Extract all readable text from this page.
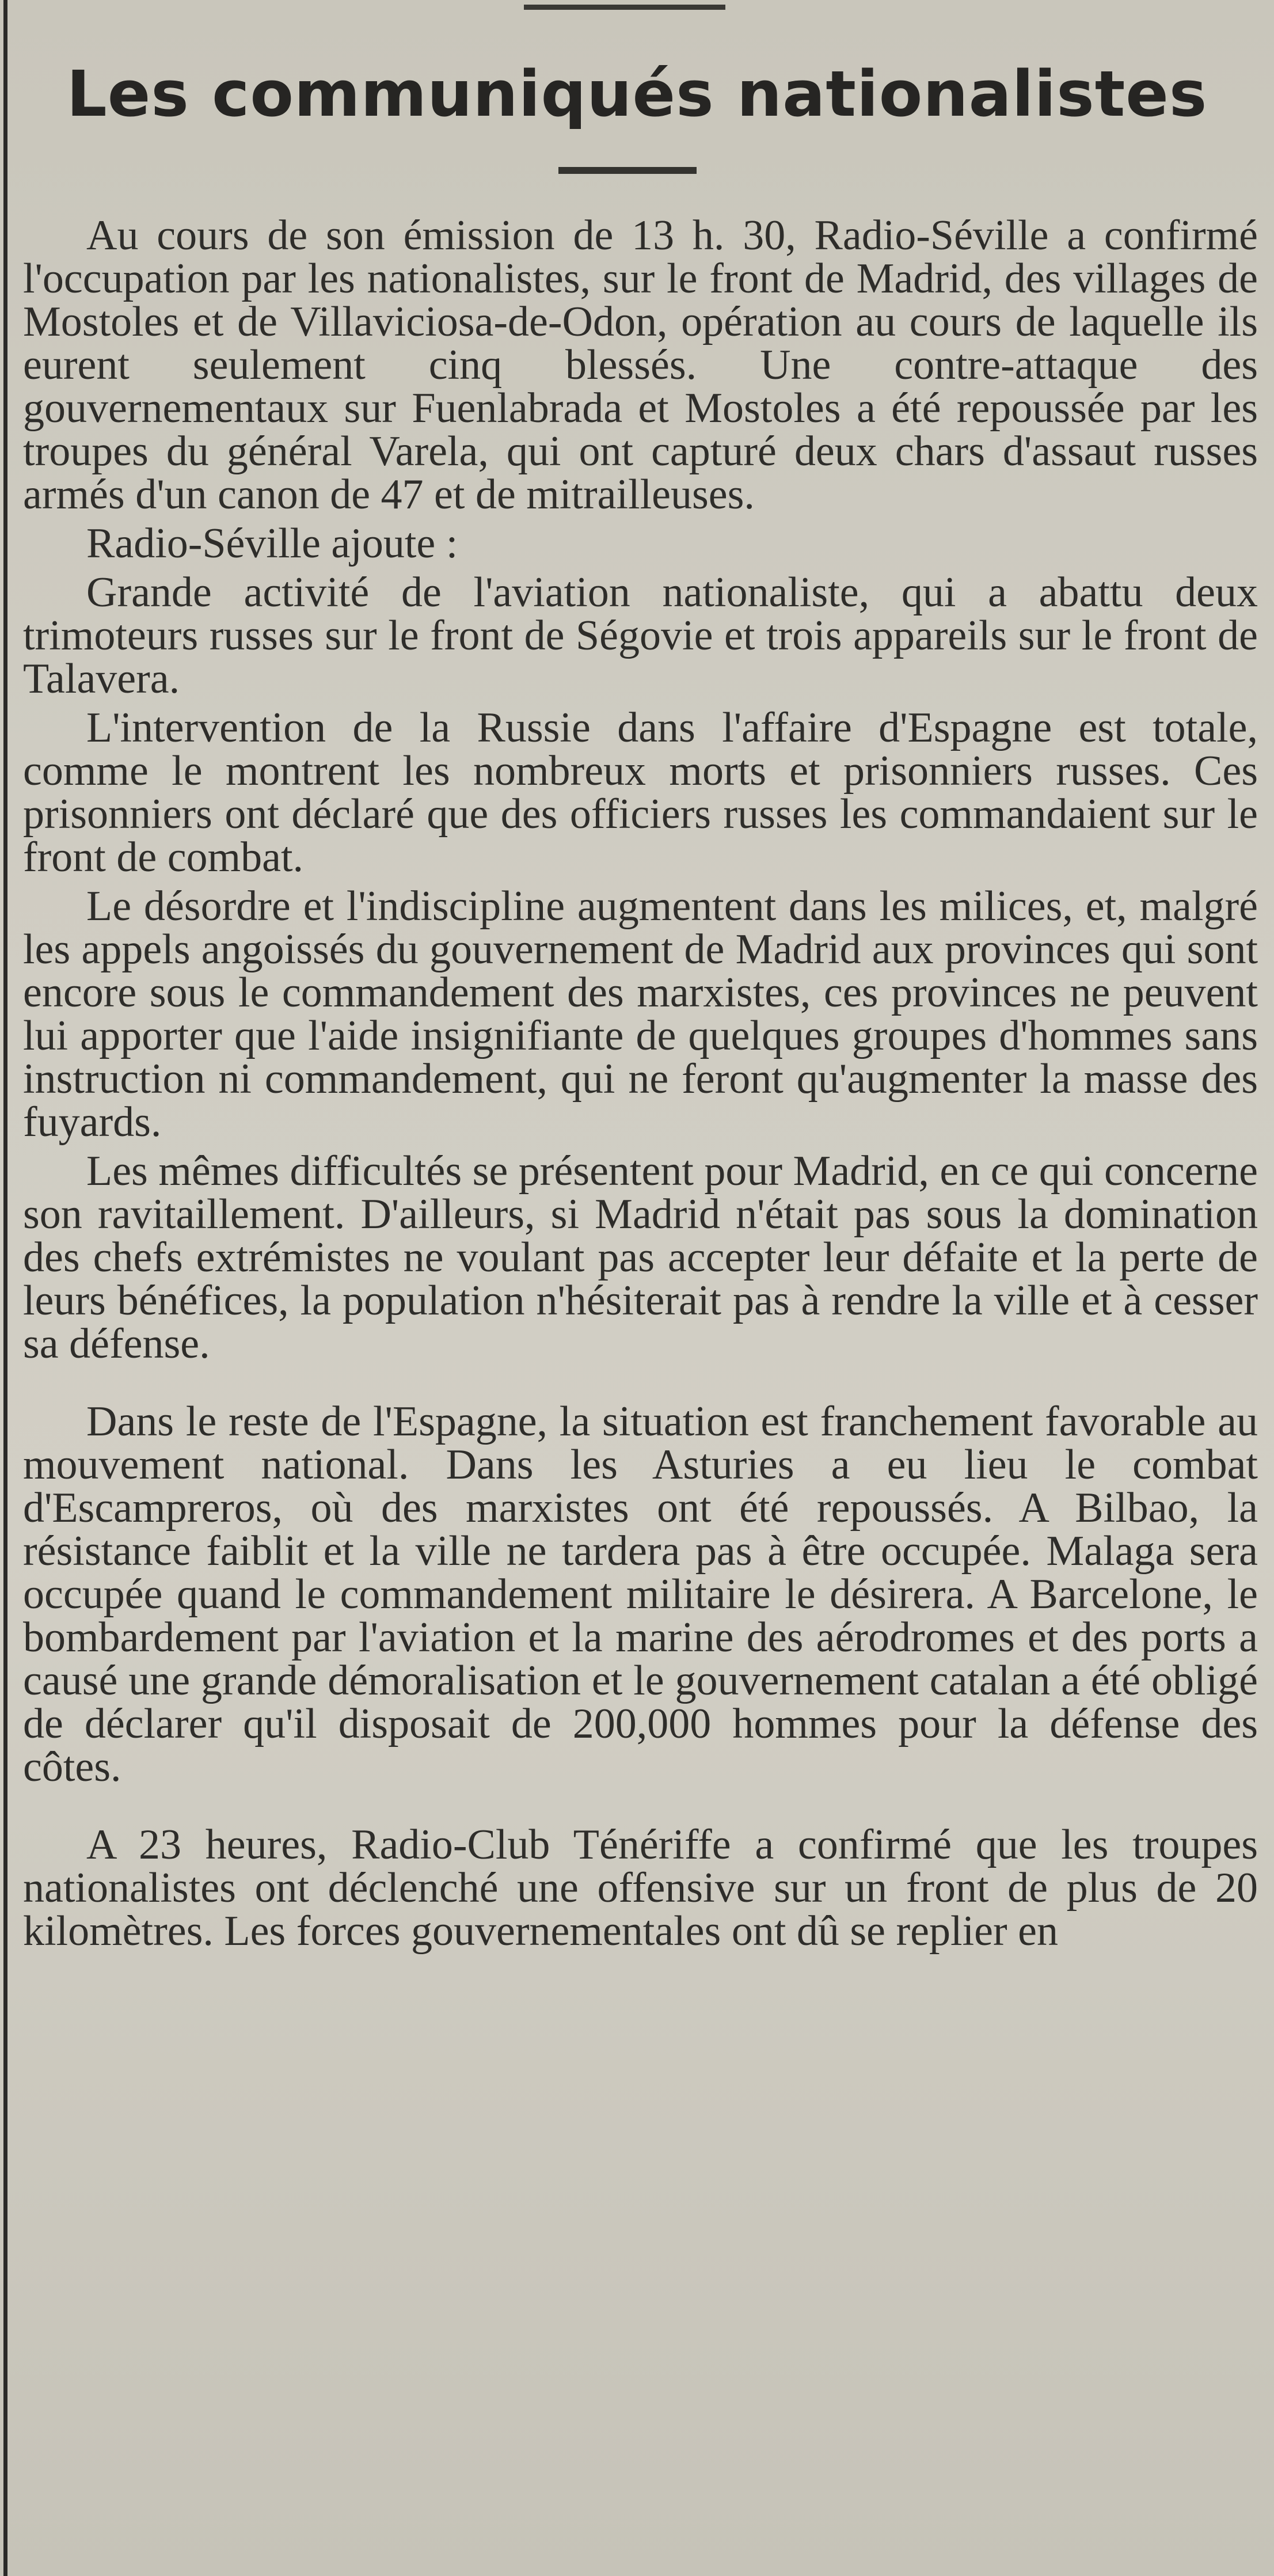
Les communiqués nationalistes

Au cours de son émission de 13 h. 30, Radio-Séville a confirmé l'occupation par les nationalistes, sur le front de Madrid, des villages de Mostoles et de Villaviciosa-de-Odon, opération au cours de laquelle ils eurent seulement cinq blessés. Une contre-attaque des gouvernementaux sur Fuenlabrada et Mostoles a été repoussée par les troupes du général Varela, qui ont capturé deux chars d'assaut russes armés d'un canon de 47 et de mitrailleuses.

Radio-Séville ajoute :

Grande activité de l'aviation nationaliste, qui a abattu deux trimoteurs russes sur le front de Ségovie et trois appareils sur le front de Talavera.

L'intervention de la Russie dans l'affaire d'Espagne est totale, comme le montrent les nombreux morts et prisonniers russes. Ces prisonniers ont déclaré que des officiers russes les commandaient sur le front de combat.

Le désordre et l'indiscipline augmentent dans les milices, et, malgré les appels angoissés du gouvernement de Madrid aux provinces qui sont encore sous le commandement des marxistes, ces provinces ne peuvent lui apporter que l'aide insignifiante de quelques groupes d'hommes sans instruction ni commandement, qui ne feront qu'augmenter la masse des fuyards.

Les mêmes difficultés se présentent pour Madrid, en ce qui concerne son ravitaillement. D'ailleurs, si Madrid n'était pas sous la domination des chefs extrémistes ne voulant pas accepter leur défaite et la perte de leurs bénéfices, la population n'hésiterait pas à rendre la ville et à cesser sa défense.

Dans le reste de l'Espagne, la situation est franchement favorable au mouvement national. Dans les Asturies a eu lieu le combat d'Escampreros, où des marxistes ont été repoussés. A Bilbao, la résistance faiblit et la ville ne tardera pas à être occupée. Malaga sera occupée quand le commandement militaire le désirera. A Barcelone, le bombardement par l'aviation et la marine des aérodromes et des ports a causé une grande démoralisation et le gouvernement catalan a été obligé de déclarer qu'il disposait de 200,000 hommes pour la défense des côtes.

A 23 heures, Radio-Club Ténériffe a confirmé que les troupes nationalistes ont déclenché une offensive sur un front de plus de 20 kilomètres. Les forces gouvernementales ont dû se replier en
